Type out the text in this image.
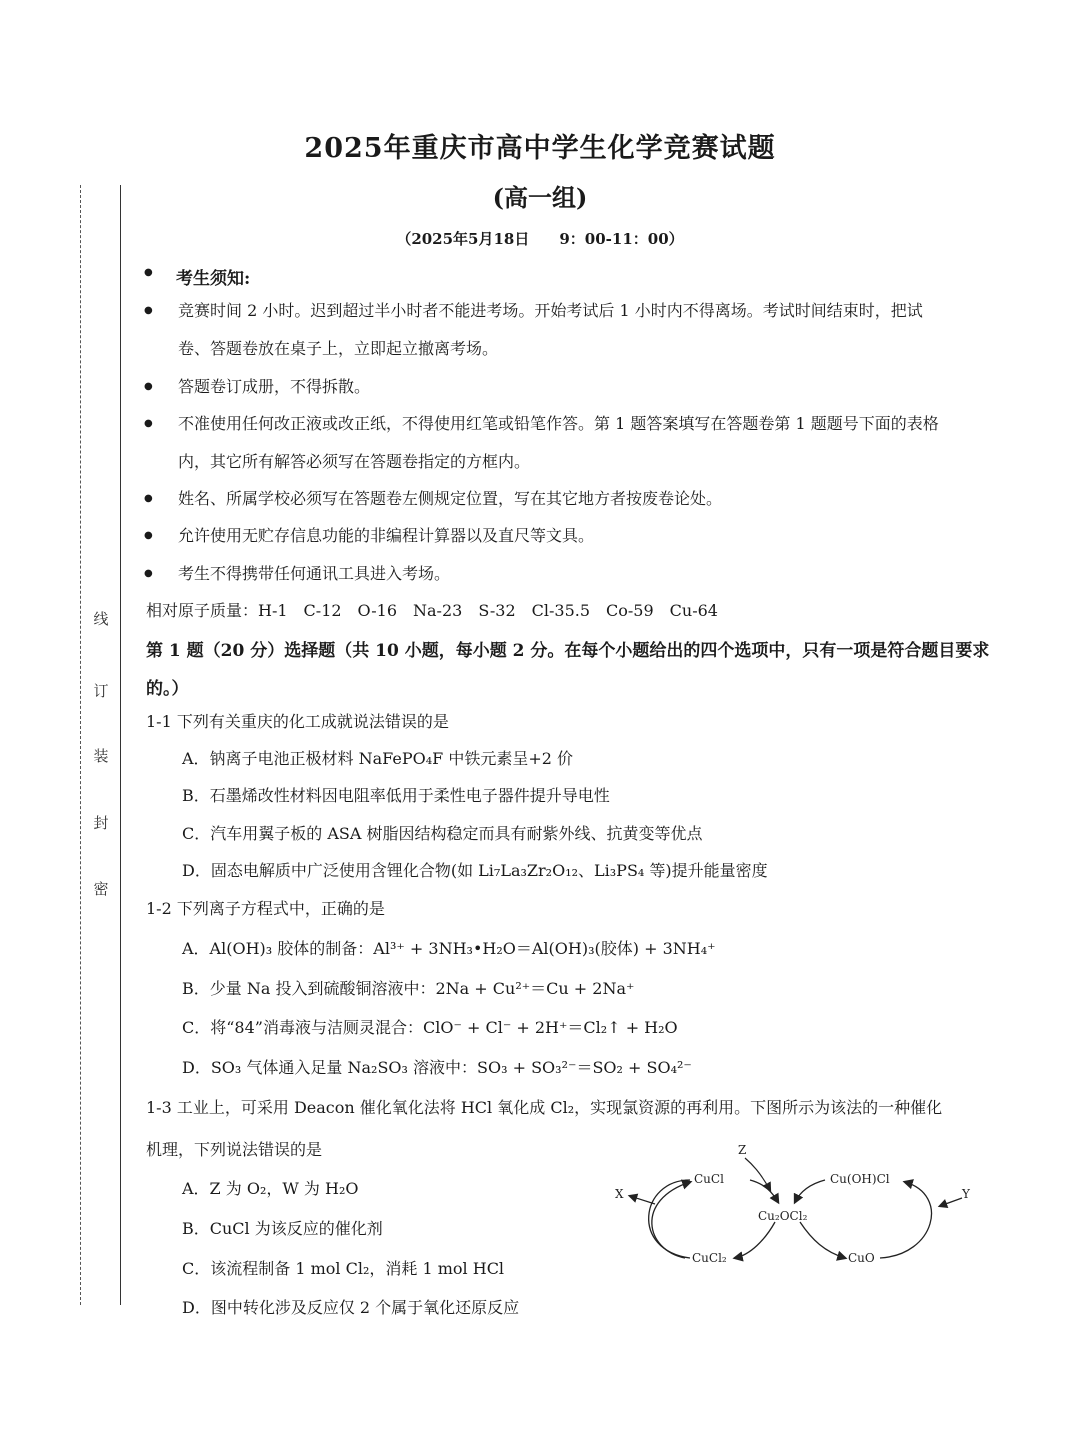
线
订
装
封
密
2025年重庆市高中学生化学竞赛试题
(高一组)
（2025年5月18日　　9：00-11：00）
● 考生须知:
● 竞赛时间 2 小时。迟到超过半小时者不能进考场。开始考试后 1 小时内不得离场。考试时间结束时，把试
卷、答题卷放在桌子上，立即起立撤离考场。
● 答题卷订成册，不得拆散。
● 不准使用任何改正液或改正纸，不得使用红笔或铅笔作答。第 1 题答案填写在答题卷第 1 题题号下面的表格
内，其它所有解答必须写在答题卷指定的方框内。
● 姓名、所属学校必须写在答题卷左侧规定位置，写在其它地方者按废卷论处。
● 允许使用无贮存信息功能的非编程计算器以及直尺等文具。
● 考生不得携带任何通讯工具进入考场。
相对原子质量：H-1　C-12　O-16　Na-23　S-32　Cl-35.5　Co-59　Cu-64
第 1 题（20 分）选择题（共 10 小题，每小题 2 分。在每个小题给出的四个选项中，只有一项是符合题目要求
的。）
1-1 下列有关重庆的化工成就说法错误的是
A．钠离子电池正极材料 NaFePO₄F 中铁元素呈+2 价
B．石墨烯改性材料因电阻率低用于柔性电子器件提升导电性
C．汽车用翼子板的 ASA 树脂因结构稳定而具有耐紫外线、抗黄变等优点
D．固态电解质中广泛使用含锂化合物(如 Li₇La₃Zr₂O₁₂、Li₃PS₄ 等)提升能量密度
1-2 下列离子方程式中，正确的是
A．Al(OH)₃ 胶体的制备：Al³⁺ + 3NH₃•H₂O＝Al(OH)₃(胶体) + 3NH₄⁺
B．少量 Na 投入到硫酸铜溶液中：2Na + Cu²⁺＝Cu + 2Na⁺
C．将“84”消毒液与洁厕灵混合：ClO⁻ + Cl⁻ + 2H⁺＝Cl₂↑ + H₂O
D．SO₃ 气体通入足量 Na₂SO₃ 溶液中：SO₃ + SO₃²⁻＝SO₂ + SO₄²⁻
1-3 工业上，可采用 Deacon 催化氧化法将 HCl 氧化成 Cl₂，实现氯资源的再利用。下图所示为该法的一种催化
机理，下列说法错误的是
A．Z 为 O₂，W 为 H₂O
B．CuCl 为该反应的催化剂
C．该流程制备 1 mol Cl₂，消耗 1 mol HCl
D．图中转化涉及反应仅 2 个属于氧化还原反应
CuCl	Cu(OH)Cl
Cu₂OCl₂
CuCl₂	CuO
X	Y
Z
